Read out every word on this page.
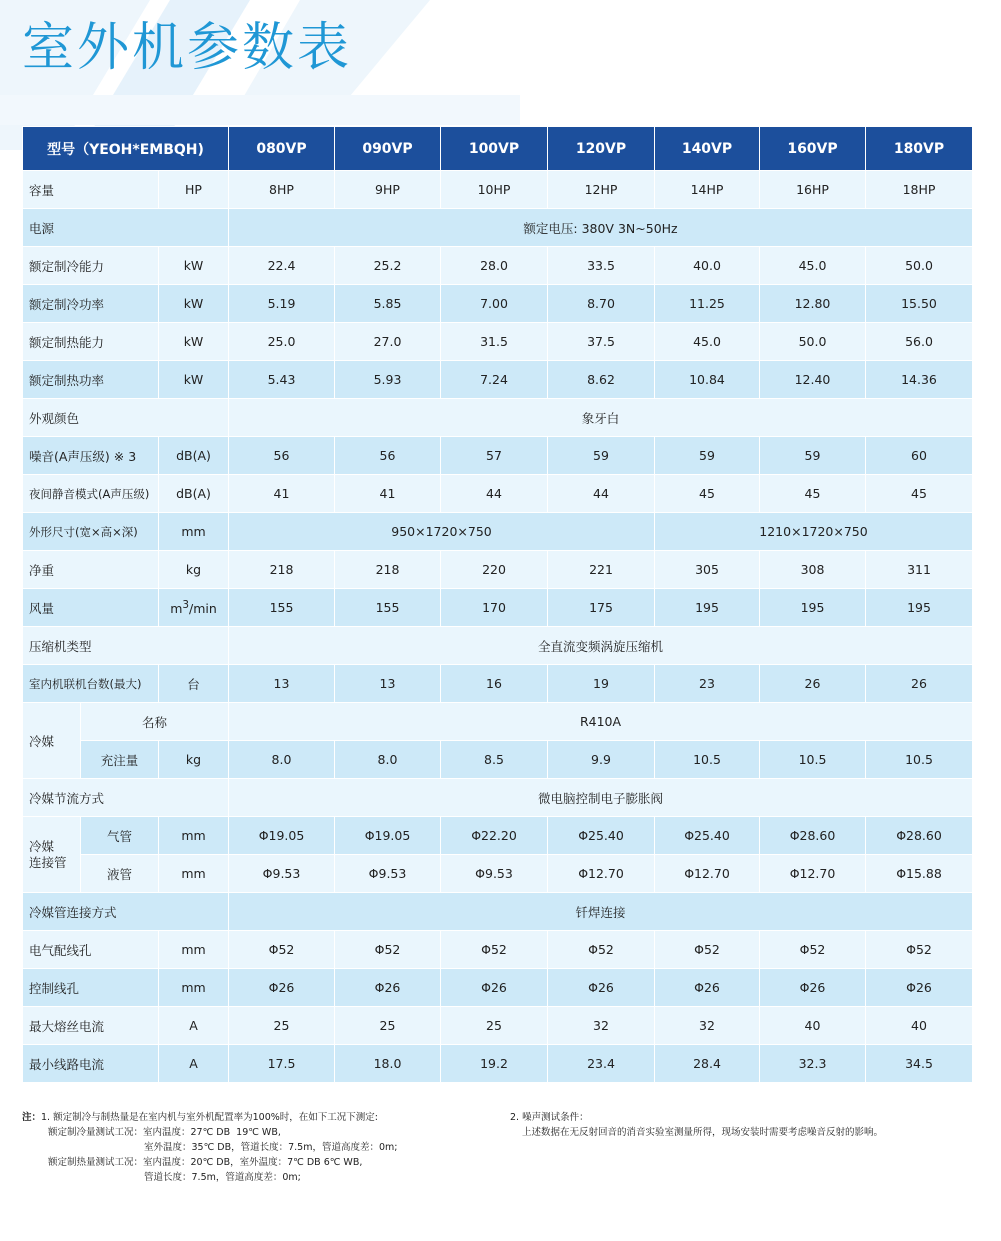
室外机参数表
型号（YEOH*EMBQH)			080VP	090VP	100VP	120VP	140VP	160VP	180VP
容量		HP	8HP	9HP	10HP	12HP	14HP	16HP	18HP
电源			额定电压: 380V 3N~50Hz						
额定制冷能力		kW	22.4	25.2	28.0	33.5	40.0	45.0	50.0
额定制冷功率		kW	5.19	5.85	7.00	8.70	11.25	12.80	15.50
额定制热能力		kW	25.0	27.0	31.5	37.5	45.0	50.0	56.0
额定制热功率		kW	5.43	5.93	7.24	8.62	10.84	12.40	14.36
外观颜色			象牙白						
噪音(A声压级) ※ 3		dB(A)	56	56	57	59	59	59	60
夜间静音模式(A声压级)		dB(A)	41	41	44	44	45	45	45
外形尺寸(宽×高×深)		mm	950×1720×750				1210×1720×750		
净重		kg	218	218	220	221	305	308	311
风量		$m^3/\min$	155	155	170	175	195	195	195
压缩机类型			全直流变频涡旋压缩机						
室内机联机台数(最大)		台	13	13	16	19	23	26	26
冷媒	名称		R410A						
	充注量	kg	8.0	8.0	8.5	9.9	10.5	10.5	10.5
冷媒节流方式			微电脑控制电子膨胀阀						
冷媒
连接管	气管	mm	Φ19.05	Φ19.05	Φ22.20	Φ25.40	Φ25.40	Φ28.60	Φ28.60
	液管	mm	Φ9.53	Φ9.53	Φ9.53	Φ12.70	Φ12.70	Φ12.70	Φ15.88
冷媒管连接方式			钎焊连接						
电气配线孔		mm	Φ52	Φ52	Φ52	Φ52	Φ52	Φ52	Φ52
控制线孔		mm	Φ26	Φ26	Φ26	Φ26	Φ26	Φ26	Φ26
最大熔丝电流		A	25	25	25	32	32	40	40
最小线路电流		A	17.5	18.0	19.2	23.4	28.4	32.3	34.5
注：1. 额定制冷与制热量是在室内机与室外机配置率为100%时，在如下工况下测定:
额定制冷量测试工况：室内温度：27℃ DB  19℃ WB,
室外温度：35℃ DB，管道长度：7.5m，管道高度差：0m;
额定制热量测试工况：室内温度：20℃ DB，室外温度：7℃ DB 6℃ WB,
管道长度：7.5m，管道高度差：0m;
2. 噪声测试条件：
上述数据在无反射回音的消音实验室测量所得，现场安装时需要考虑噪音反射的影响。
